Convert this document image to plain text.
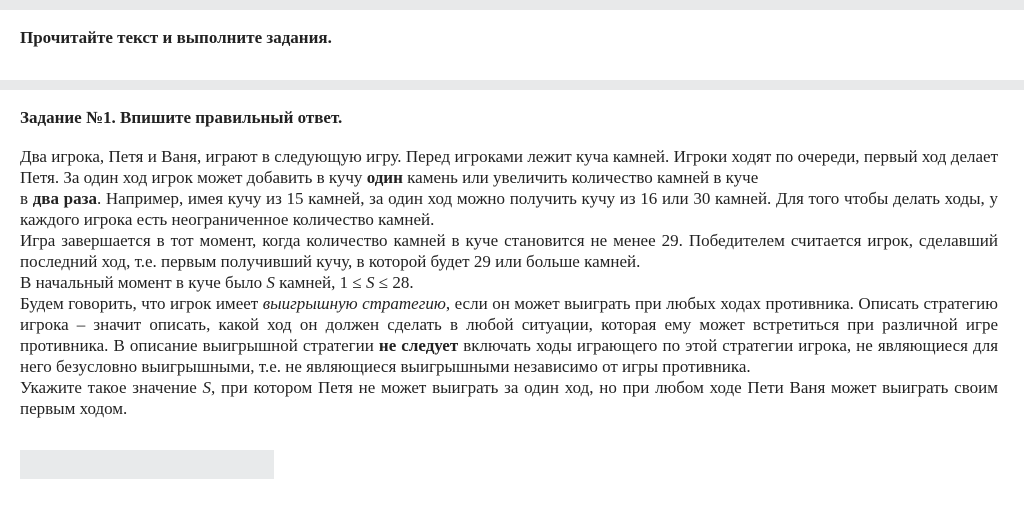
Прочитайте текст и выполните задания.
Задание №1. Впишите правильный ответ.

Два игрока, Петя и Ваня, играют в следующую игру. Перед игроками лежит куча камней. Игроки ходят по очереди, первый ход делает Петя. За один ход игрок может добавить в кучу один камень или увеличить количество камней в куче
в два раза. Например, имея кучу из 15 камней, за один ход можно получить кучу из 16 или 30 камней. Для того чтобы делать ходы, у каждого игрока есть неограниченное количество камней.

Игра завершается в тот момент, когда количество камней в куче становится не менее 29. Победителем считается игрок, сделавший последний ход, т.е. первым получивший кучу, в которой будет 29 или больше камней.

В начальный момент в куче было S камней, 1 ≤ S ≤ 28.

Будем говорить, что игрок имеет выигрышную стратегию, если он может выиграть при любых ходах противника. Описать стратегию игрока – значит описать, какой ход он должен сделать в любой ситуации, которая ему может встретиться при различной игре противника. В описание выигрышной стратегии не следует включать ходы играющего по этой стратегии игрока, не являющиеся для него безусловно выигрышными, т.е. не являющиеся выигрышными независимо от игры противника.

Укажите такое значение S, при котором Петя не может выиграть за один ход, но при любом ходе Пети Ваня может выиграть своим первым ходом.
